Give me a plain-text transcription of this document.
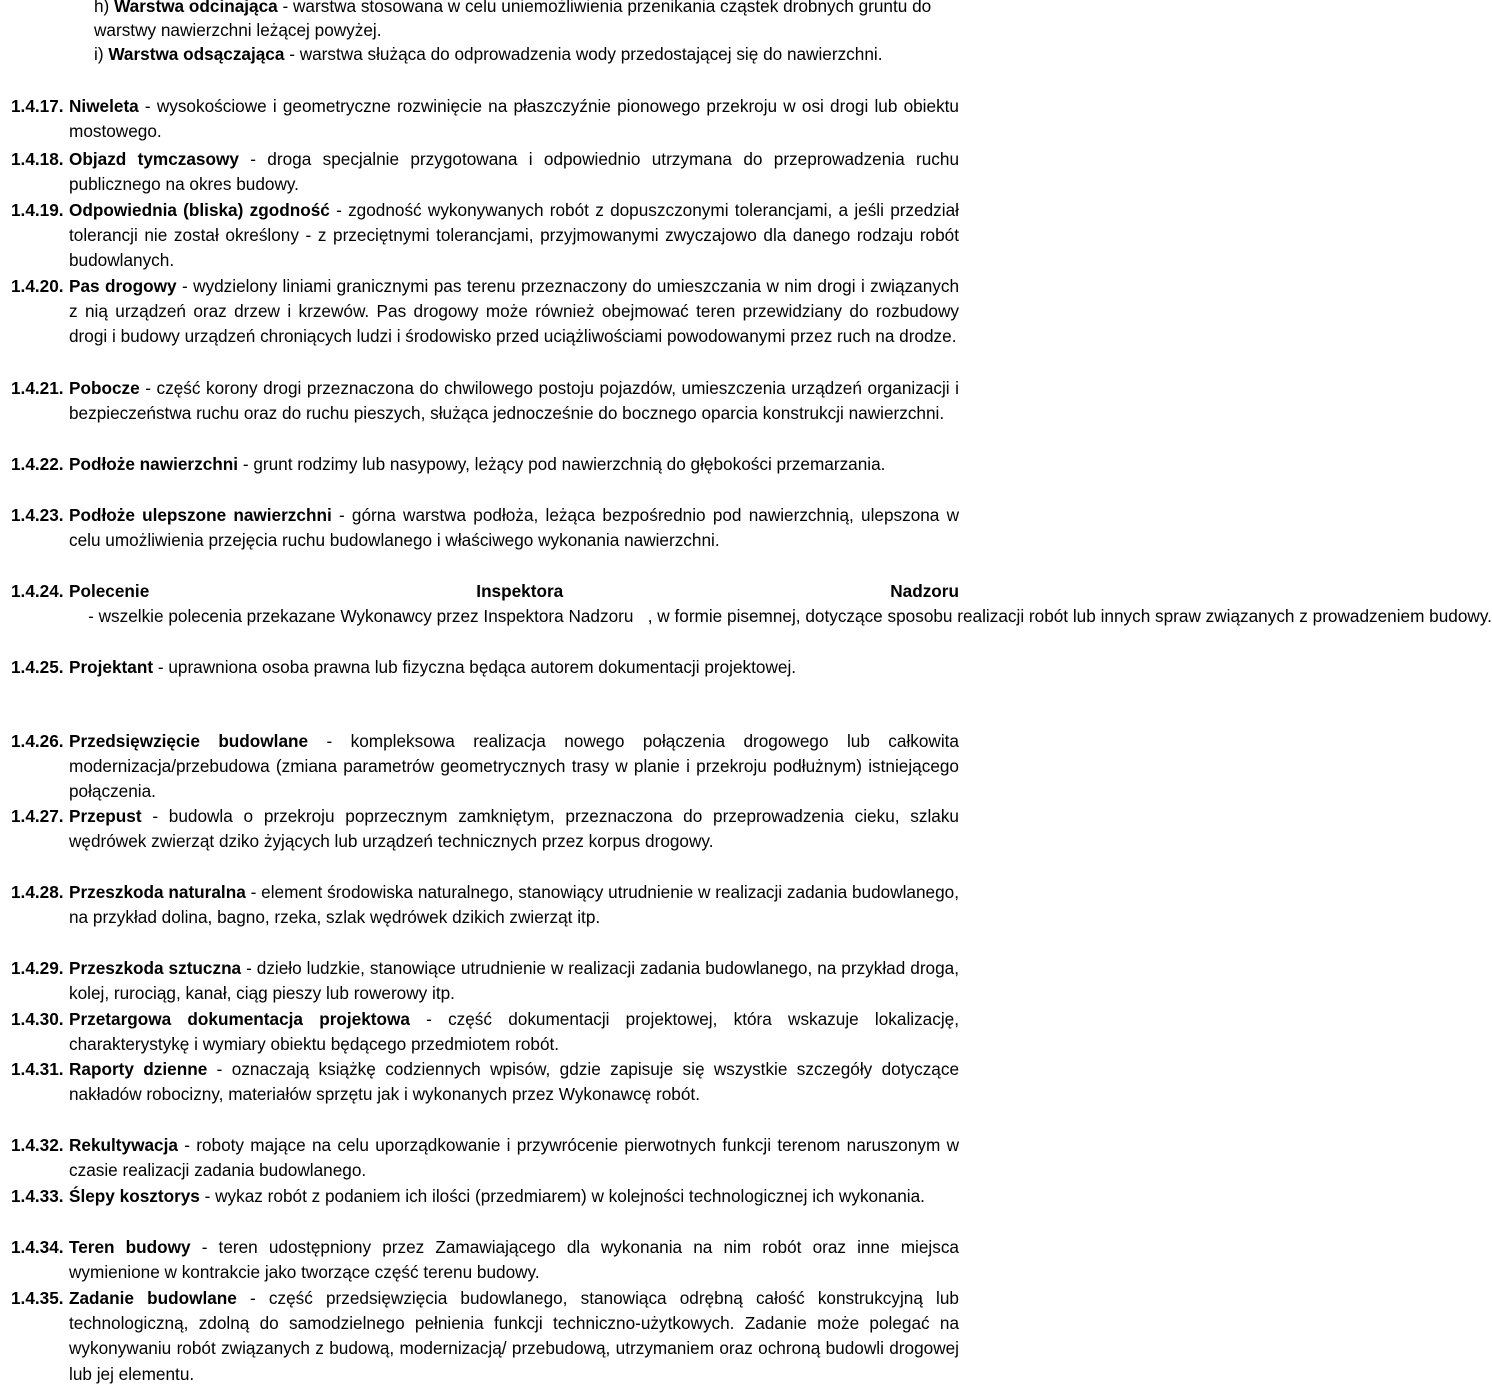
h) Warstwa odcinająca - warstwa stosowana w celu uniemożliwienia przenikania cząstek drobnych gruntu do warstwy nawierzchni leżącej powyżej.
i) Warstwa odsączająca - warstwa służąca do odprowadzenia wody przedostającej się do nawierzchni.
1.4.17. Niweleta - wysokościowe i geometryczne rozwinięcie na płaszczyźnie pionowego przekroju w osi drogi lub obiektu mostowego.
1.4.18. Objazd tymczasowy - droga specjalnie przygotowana i odpowiednio utrzymana do przeprowadzenia ruchu publicznego na okres budowy.
1.4.19. Odpowiednia (bliska) zgodność - zgodność wykonywanych robót z dopuszczonymi tolerancjami, a jeśli przedział tolerancji nie został określony - z przeciętnymi tolerancjami, przyjmowanymi zwyczajowo dla danego rodzaju robót budowlanych.
1.4.20. Pas drogowy - wydzielony liniami granicznymi pas terenu przeznaczony do umieszczania w nim drogi i związanych z nią urządzeń oraz drzew i krzewów. Pas drogowy może również obejmować teren przewidziany do rozbudowy drogi i budowy urządzeń chroniących ludzi i środowisko przed uciążliwościami powodowanymi przez ruch na drodze.
1.4.21. Pobocze - część korony drogi przeznaczona do chwilowego postoju pojazdów, umieszczenia urządzeń organizacji i bezpieczeństwa ruchu oraz do ruchu pieszych, służąca jednocześnie do bocznego oparcia konstrukcji nawierzchni.
1.4.22. Podłoże nawierzchni - grunt rodzimy lub nasypowy, leżący pod nawierzchnią do głębokości przemarzania.
1.4.23. Podłoże ulepszone nawierzchni - górna warstwa podłoża, leżąca bezpośrednio pod nawierzchnią, ulepszona w celu umożliwienia przejęcia ruchu budowlanego i właściwego wykonania nawierzchni.
1.4.24. Polecenie Inspektora Nadzoru    - wszelkie polecenia przekazane Wykonawcy przez Inspektora Nadzoru   , w formie pisemnej, dotyczące sposobu realizacji robót lub innych spraw związanych z prowadzeniem budowy.
1.4.25. Projektant - uprawniona osoba prawna lub fizyczna będąca autorem dokumentacji projektowej.
1.4.26. Przedsięwzięcie budowlane - kompleksowa realizacja nowego połączenia drogowego lub całkowita modernizacja/przebudowa (zmiana parametrów geometrycznych trasy w planie i przekroju podłużnym) istniejącego połączenia.
1.4.27. Przepust - budowla o przekroju poprzecznym zamkniętym, przeznaczona do przeprowadzenia cieku, szlaku wędrówek zwierząt dziko żyjących lub urządzeń technicznych przez korpus drogowy.
1.4.28. Przeszkoda naturalna - element środowiska naturalnego, stanowiący utrudnienie w realizacji zadania budowlanego, na przykład dolina, bagno, rzeka, szlak wędrówek dzikich zwierząt itp.
1.4.29. Przeszkoda sztuczna - dzieło ludzkie, stanowiące utrudnienie w realizacji zadania budowlanego, na przykład droga, kolej, rurociąg, kanał, ciąg pieszy lub rowerowy itp.
1.4.30. Przetargowa dokumentacja projektowa - część dokumentacji projektowej, która wskazuje lokalizację, charakterystykę i wymiary obiektu będącego przedmiotem robót.
1.4.31. Raporty dzienne - oznaczają książkę codziennych wpisów, gdzie zapisuje się wszystkie szczegóły dotyczące nakładów robocizny, materiałów sprzętu jak i wykonanych przez Wykonawcę robót.
1.4.32. Rekultywacja - roboty mające na celu uporządkowanie i przywrócenie pierwotnych funkcji terenom naruszonym w czasie realizacji zadania budowlanego.
1.4.33. Ślepy kosztorys - wykaz robót z podaniem ich ilości (przedmiarem) w kolejności technologicznej ich wykonania.
1.4.34. Teren budowy - teren udostępniony przez Zamawiającego dla wykonania na nim robót oraz inne miejsca wymienione w kontrakcie jako tworzące część terenu budowy.
1.4.35. Zadanie budowlane - część przedsięwzięcia budowlanego, stanowiąca odrębną całość konstrukcyjną lub technologiczną, zdolną do samodzielnego pełnienia funkcji techniczno-użytkowych. Zadanie może polegać na wykonywaniu robót związanych z budową, modernizacją/ przebudową, utrzymaniem oraz ochroną budowli drogowej lub jej elementu.
